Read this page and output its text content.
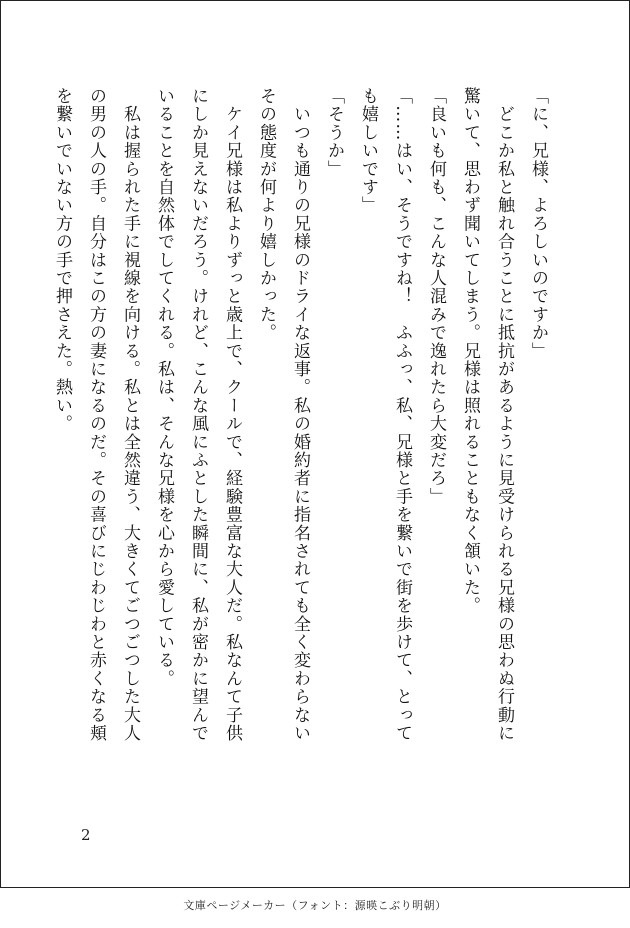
「に、兄様、よろしいのですか」

　どこか私と触れ合うことに抵抗があるように見受けられる兄様の思わぬ行動に

驚いて、思わず聞いてしまう。兄様は照れることもなく頷いた。

「良いも何も、こんな人混みで逸れたら大変だろ」

「……はい、そうですね！　ふふっ、私、兄様と手を繋いで街を歩けて、とって

も嬉しいです」

「そうか」

　いつも通りの兄様のドライな返事。私の婚約者に指名されても全く変わらない

その態度が何より嬉しかった。

　ケイ兄様は私よりずっと歳上で、クールで、経験豊富な大人だ。私なんて子供

にしか見えないだろう。けれど、こんな風にふとした瞬間に、私が密かに望んで

いることを自然体でしてくれる。私は、そんな兄様を心から愛している。

　私は握られた手に視線を向ける。私とは全然違う、大きくてごつごつした大人

の男の人の手。自分はこの方の妻になるのだ。その喜びにじわじわと赤くなる頬

を繋いでいない方の手で押さえた。熱い。

2
文庫ページメーカー（フォント：源暎こぶり明朝）
